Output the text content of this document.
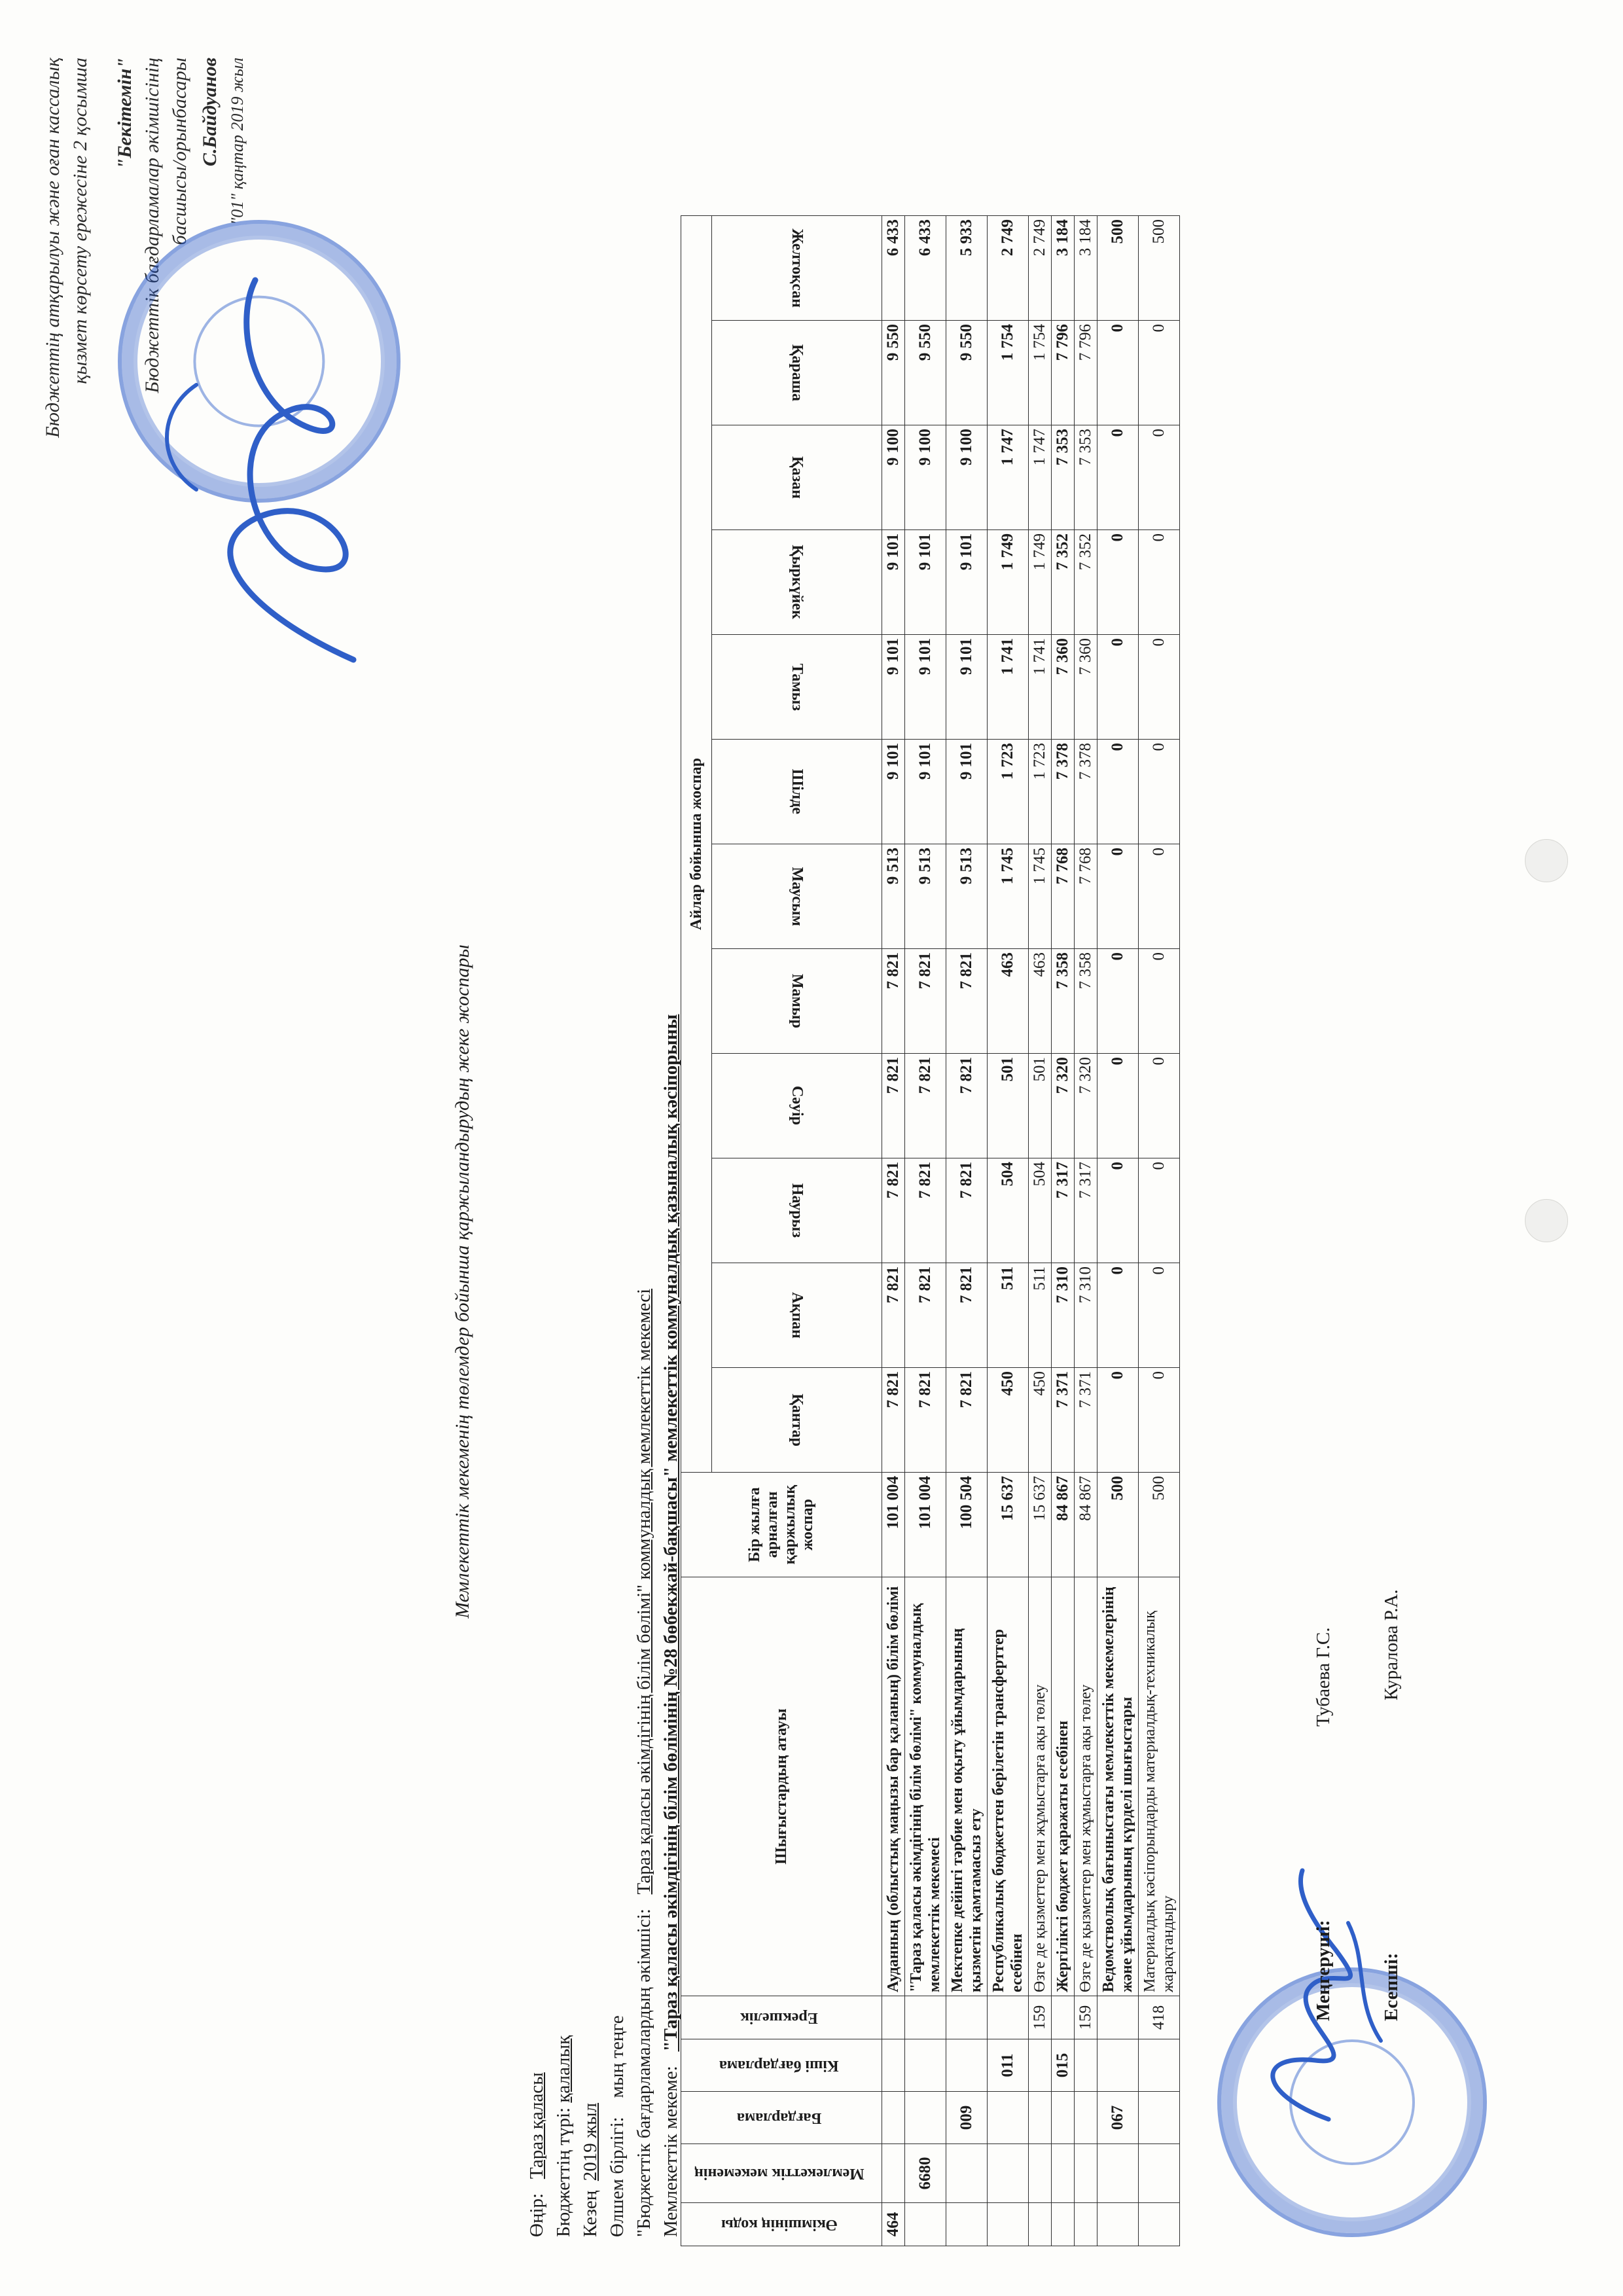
Бюджеттің атқарылуы және оған кассалық қызмет көрсету ережесіне 2 қосымша "Бекітемін" Бюджеттік бағдарламалар әкімшісінің басшысы/орынбасары С.Байдуанов "01" қаңтар 2019 жыл
Мемлекеттік мекеменің төлемдер бойынша қаржыландырудың жеке жоспары
Өңір:   Тараз қаласы Бюджеттің түрі: қалалық
Кезең  2019 жыл Өлшем бірлігі:    мың теңге "Бюджеттік бағдарламалардың әкімшісі:   Тараз қаласы әкімдігінің білім бөлімі" коммуналдық мемлекеттік мекемесі
Мемлекеттік мекеме:   "Тараз қаласы әкімдігінің білім бөлімінің №28 бөбекжай-бақшасы" мемлекеттік коммуналдық қазыналық кәсіпорыны
Әкімшінің коды	Мемлекеттік мекеменің	Бағдарлама	Кіші бағдарлама	Ерекшелік	Шығыстардың атауы	Бір жылға арналған қаржылық жоспар	Айлар бойынша жоспар											
							Қантар	Ақпан	Наурыз	Сәуір	Мамыр	Маусым	Шілде	Тамыз	Қыркүйек	Қазан	Қараша	Желтоқсан
464					Ауданның (облыстық маңызы бар қаланың) білім бөлімі	101 004	7 821	7 821	7 821	7 821	7 821	9 513	9 101	9 101	9 101	9 100	9 550	6 433
	6680				"Тараз қаласы әкімдігінің білім бөлімі" коммуналдық мемлекеттік мекемесі	101 004	7 821	7 821	7 821	7 821	7 821	9 513	9 101	9 101	9 101	9 100	9 550	6 433
		009			Мектепке дейінгі тәрбие мен оқыту ұйымдарының қызметін қамтамасыз ету	100 504	7 821	7 821	7 821	7 821	7 821	9 513	9 101	9 101	9 101	9 100	9 550	5 933
			011		Республикалық бюджеттен берілетін трансферттер есебінен	15 637	450	511	504	501	463	1 745	1 723	1 741	1 749	1 747	1 754	2 749
				159	Өзге де қызметтер мен жұмыстарға ақы төлеу	15 637	450	511	504	501	463	1 745	1 723	1 741	1 749	1 747	1 754	2 749
			015		Жергілікті бюджет қаражаты есебінен	84 867	7 371	7 310	7 317	7 320	7 358	7 768	7 378	7 360	7 352	7 353	7 796	3 184
				159	Өзге де қызметтер мен жұмыстарға ақы төлеу	84 867	7 371	7 310	7 317	7 320	7 358	7 768	7 378	7 360	7 352	7 353	7 796	3 184
		067			Ведомстволық бағыныстағы мемлекеттік мекемелерінің және ұйымдарының күрделі шығыстары	500	0	0	0	0	0	0	0	0	0	0	0	500
				418	Материалдық кәсіпорындарды материалдық-техникалық жарақтандыру	500	0	0	0	0	0	0	0	0	0	0	0	500
Меңгеруші:Тубаева Г.С.
Есепші:Куралова Р.А.
